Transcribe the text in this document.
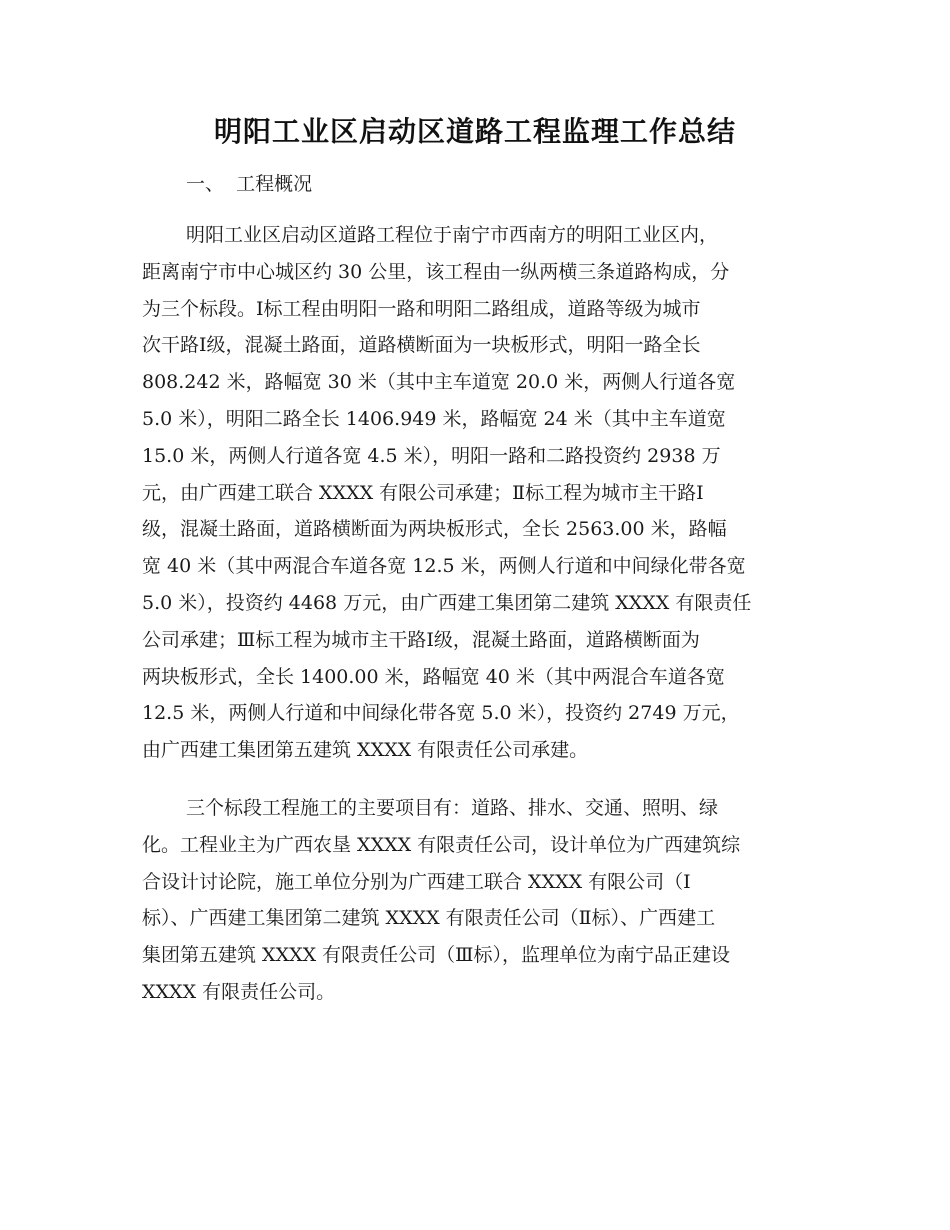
明阳工业区启动区道路工程监理工作总结
一、  工程概况
明阳工业区启动区道路工程位于南宁市西南方的明阳工业区内，
距离南宁市中心城区约 30 公里，该工程由一纵两横三条道路构成，分
为三个标段。Ⅰ标工程由明阳一路和明阳二路组成，道路等级为城市
次干路Ⅰ级，混凝土路面，道路横断面为一块板形式，明阳一路全长
808.242 米，路幅宽 30 米（其中主车道宽 20.0 米，两侧人行道各宽
5.0 米），明阳二路全长 1406.949 米，路幅宽 24 米（其中主车道宽
15.0 米，两侧人行道各宽 4.5 米），明阳一路和二路投资约 2938 万
元，由广西建工联合 XXXX 有限公司承建；Ⅱ标工程为城市主干路Ⅰ
级，混凝土路面，道路横断面为两块板形式，全长 2563.00 米，路幅
宽 40 米（其中两混合车道各宽 12.5 米，两侧人行道和中间绿化带各宽
5.0 米），投资约 4468 万元，由广西建工集团第二建筑 XXXX 有限责任
公司承建；Ⅲ标工程为城市主干路Ⅰ级，混凝土路面，道路横断面为
两块板形式，全长 1400.00 米，路幅宽 40 米（其中两混合车道各宽
12.5 米，两侧人行道和中间绿化带各宽 5.0 米），投资约 2749 万元，
由广西建工集团第五建筑 XXXX 有限责任公司承建。
三个标段工程施工的主要项目有：道路、排水、交通、照明、绿
化。工程业主为广西农垦 XXXX 有限责任公司，设计单位为广西建筑综
合设计讨论院，施工单位分别为广西建工联合 XXXX 有限公司（Ⅰ
标）、广西建工集团第二建筑 XXXX 有限责任公司（Ⅱ标）、广西建工
集团第五建筑 XXXX 有限责任公司（Ⅲ标），监理单位为南宁品正建设
XXXX 有限责任公司。
